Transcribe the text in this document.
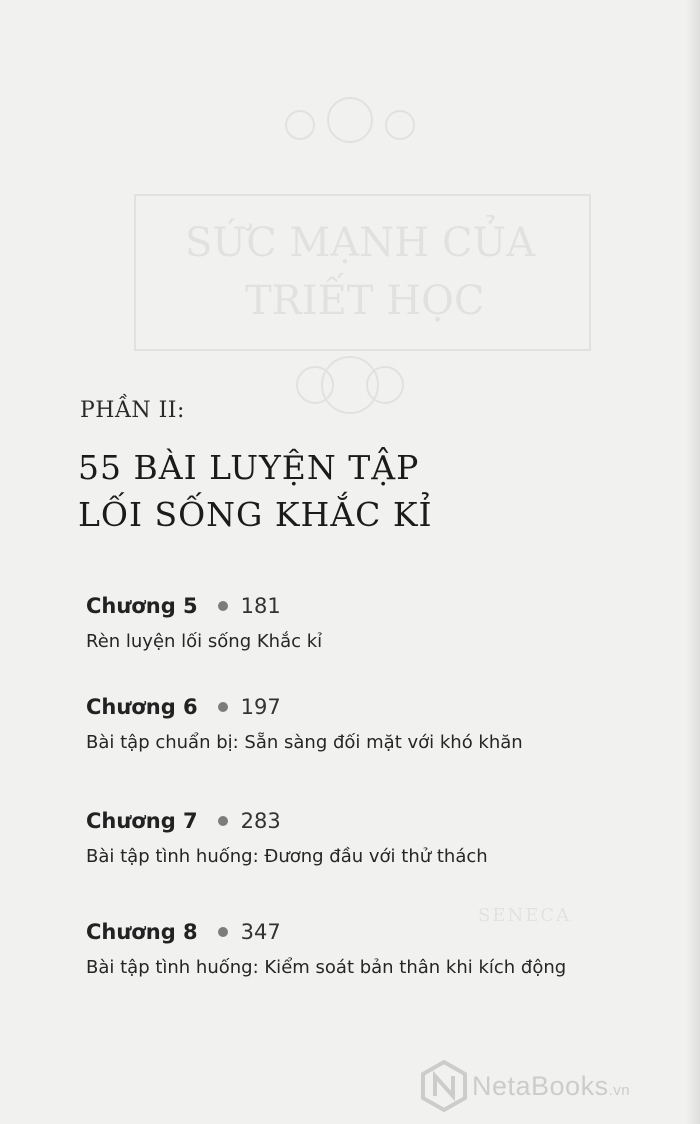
SỨC MẠNH CỦA
TRIẾT HỌC
SENECA
PHẦN II:
55 BÀI LUYỆN TẬP
LỐI SỐNG KHẮC KỈ
Chương 5 181
Rèn luyện lối sống Khắc kỉ
Chương 6 197
Bài tập chuẩn bị: Sẵn sàng đối mặt với khó khăn
Chương 7 283
Bài tập tình huống: Đương đầu với thử thách
Chương 8 347
Bài tập tình huống: Kiểm soát bản thân khi kích động
NetaBooks.vn
